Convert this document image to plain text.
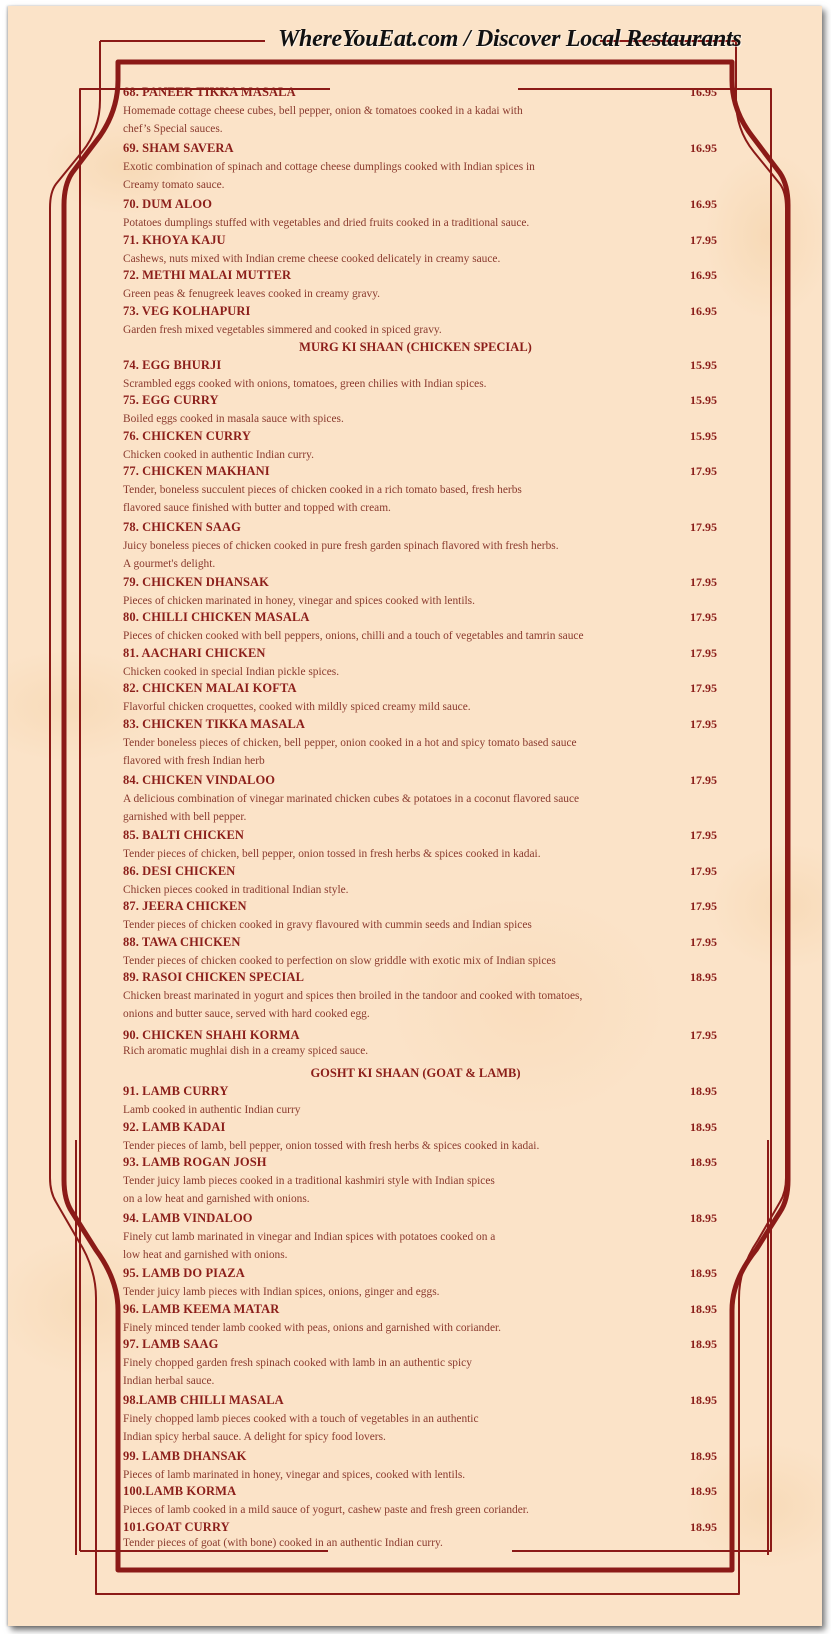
WhereYouEat.com / Discover Local Restaurants
MURG KI SHAAN (CHICKEN SPECIAL)
GOSHT KI SHAAN (GOAT & LAMB)
68. PANEER TIKKA MASALA	16.95
Homemade cottage cheese cubes, bell pepper, onion & tomatoes cooked in a kadai with
chef’s Special sauces.
69. SHAM SAVERA	16.95
Exotic combination of spinach and cottage cheese dumplings cooked with Indian spices in
Creamy tomato sauce.
70. DUM ALOO	16.95
Potatoes dumplings stuffed with vegetables and dried fruits cooked in a traditional sauce.
71. KHOYA KAJU	17.95
Cashews, nuts mixed with Indian creme cheese cooked delicately in creamy sauce.
72. METHI MALAI MUTTER	16.95
Green peas & fenugreek leaves cooked in creamy gravy.
73. VEG KOLHAPURI	16.95
Garden fresh mixed vegetables simmered and cooked in spiced gravy.
74. EGG BHURJI	15.95
Scrambled eggs cooked with onions, tomatoes, green chilies with Indian spices.
75. EGG CURRY	15.95
Boiled eggs cooked in masala sauce with spices.
76. CHICKEN CURRY	15.95
Chicken cooked in authentic Indian curry.
77. CHICKEN MAKHANI	17.95
Tender, boneless succulent pieces of chicken cooked in a rich tomato based, fresh herbs
flavored sauce finished with butter and topped with cream.
78. CHICKEN SAAG	17.95
Juicy boneless pieces of chicken cooked in pure fresh garden spinach flavored with fresh herbs.
A gourmet's delight.
79. CHICKEN DHANSAK	17.95
Pieces of chicken marinated in honey, vinegar and spices cooked with lentils.
80. CHILLI CHICKEN MASALA	17.95
Pieces of chicken cooked with bell peppers, onions, chilli and a touch of vegetables and tamrin sauce
81. AACHARI CHICKEN	17.95
Chicken cooked in special Indian pickle spices.
82. CHICKEN MALAI KOFTA	17.95
Flavorful chicken croquettes, cooked with mildly spiced creamy mild sauce.
83. CHICKEN TIKKA MASALA	17.95
Tender boneless pieces of chicken, bell pepper, onion cooked in a hot and spicy tomato based sauce
flavored with fresh Indian herb
84. CHICKEN VINDALOO	17.95
A delicious combination of vinegar marinated chicken cubes & potatoes in a coconut flavored sauce
garnished with bell pepper.
85. BALTI CHICKEN	17.95
Tender pieces of chicken, bell pepper, onion tossed in fresh herbs & spices cooked in kadai.
86. DESI CHICKEN	17.95
Chicken pieces cooked in traditional Indian style.
87. JEERA CHICKEN	17.95
Tender pieces of chicken cooked in gravy flavoured with cummin seeds and Indian spices
88. TAWA CHICKEN	17.95
Tender pieces of chicken cooked to perfection on slow griddle with exotic mix of Indian spices
89. RASOI CHICKEN SPECIAL	18.95
Chicken breast marinated in yogurt and spices then broiled in the tandoor and cooked with tomatoes,
onions and butter sauce, served with hard cooked egg.
90. CHICKEN SHAHI KORMA	17.95
Rich aromatic mughlai dish in a creamy spiced sauce.
91. LAMB CURRY	18.95
Lamb cooked in authentic Indian curry
92. LAMB KADAI	18.95
Tender pieces of lamb, bell pepper, onion tossed with fresh herbs & spices cooked in kadai.
93. LAMB ROGAN JOSH	18.95
Tender juicy lamb pieces cooked in a traditional kashmiri style with Indian spices
on a low heat and garnished with onions.
94. LAMB VINDALOO	18.95
Finely cut lamb marinated in vinegar and Indian spices with potatoes cooked on a
low heat and garnished with onions.
95. LAMB DO PIAZA	18.95
Tender juicy lamb pieces with Indian spices, onions, ginger and eggs.
96. LAMB KEEMA MATAR	18.95
Finely minced tender lamb cooked with peas, onions and garnished with coriander.
97. LAMB SAAG	18.95
Finely chopped garden fresh spinach cooked with lamb in an authentic spicy
Indian herbal sauce.
98.LAMB CHILLI MASALA	18.95
Finely chopped lamb pieces cooked with a touch of vegetables in an authentic
Indian spicy herbal sauce. A delight for spicy food lovers.
99. LAMB DHANSAK	18.95
Pieces of lamb marinated in honey, vinegar and spices, cooked with lentils.
100.LAMB KORMA	18.95
Pieces of lamb cooked in a mild sauce of yogurt, cashew paste and fresh green coriander.
101.GOAT CURRY	18.95
Tender pieces of goat (with bone) cooked in an authentic Indian curry.
